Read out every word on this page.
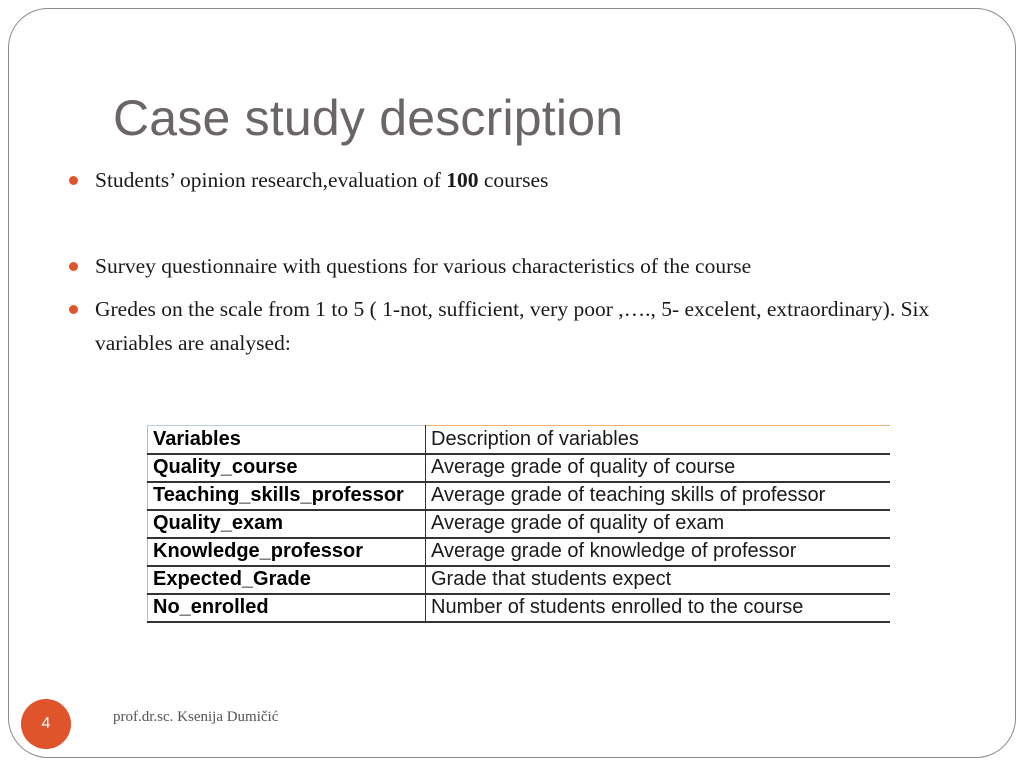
Case study description
Students’ opinion research,evaluation of 100 courses
Survey questionnaire with questions for various characteristics of the course
Gredes on the scale from 1 to 5 ( 1-not, sufficient, very poor ,…., 5- excelent, extraordinary). Six variables are analysed:
Variables	Description of variables
Quality_course	Average grade of quality of course
Teaching_skills_professor	Average grade of teaching skills of professor
Quality_exam	Average grade of quality of exam
Knowledge_professor	Average grade of knowledge of professor
Expected_Grade	Grade that students expect
No_enrolled	Number of students enrolled to the course
4	prof.dr.sc. Ksenija Dumičić
